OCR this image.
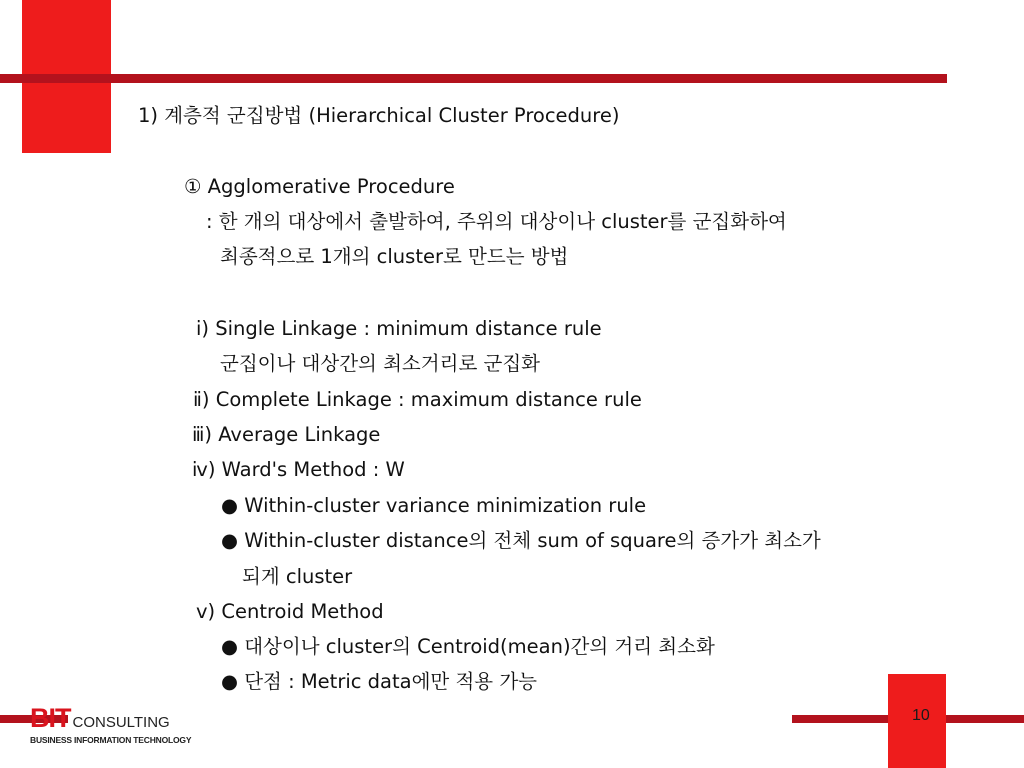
1) 계층적 군집방법 (Hierarchical Cluster Procedure)
① Agglomerative Procedure
: 한 개의 대상에서 출발하여, 주위의 대상이나 cluster를 군집화하여
최종적으로 1개의 cluster로 만드는 방법
ⅰ) Single Linkage : minimum distance rule
군집이나 대상간의 최소거리로 군집화
ⅱ) Complete Linkage : maximum distance rule
ⅲ) Average Linkage
ⅳ) Ward's Method : W
● Within-cluster variance minimization rule
● Within-cluster distance의 전체 sum of square의 증가가 최소가
되게 cluster
ⅴ) Centroid Method
● 대상이나 cluster의 Centroid(mean)간의 거리 최소화
● 단점 : Metric data에만 적용 가능
10
BIT CONSULTING
BUSINESS INFORMATION TECHNOLOGY
